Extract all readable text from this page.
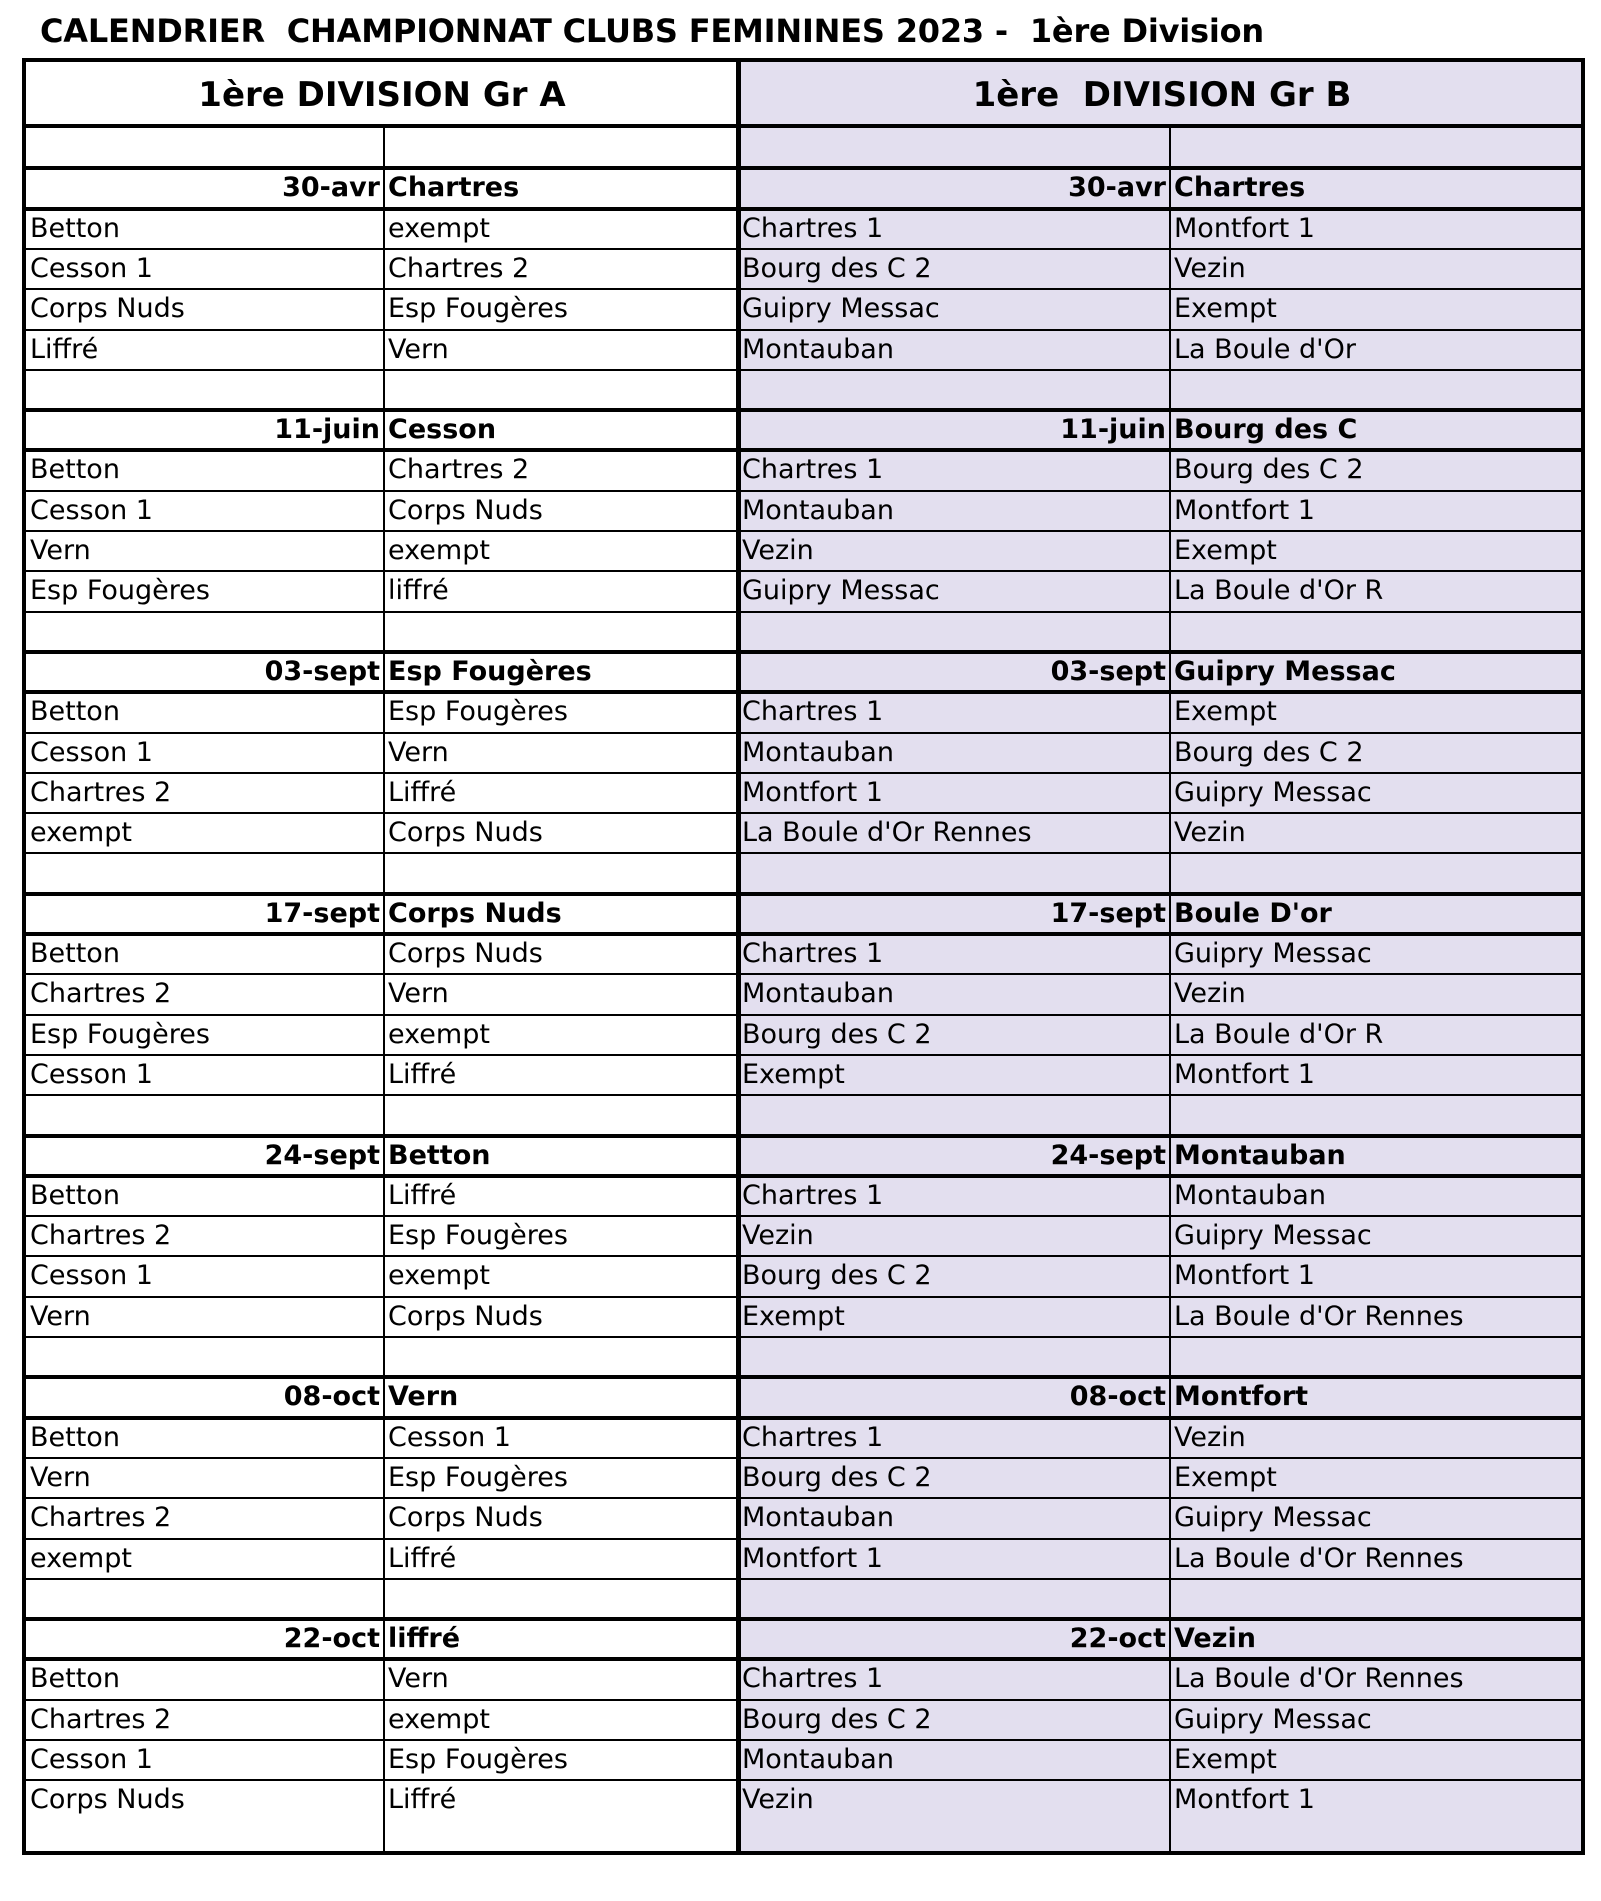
CALENDRIER  CHAMPIONNAT CLUBS FEMININES 2023 -  1ère Division
1ère DIVISION Gr A	1ère  DIVISION Gr B
30-avr Chartres
Betton	exempt
Cesson 1	Chartres 2
Corps Nuds	Esp Fougères
Liffré	Vern
11-juin Cesson
Betton	Chartres 2
Cesson 1	Corps Nuds
Vern	exempt
Esp Fougères	liffré
03-sept Esp Fougères
Betton	Esp Fougères
Cesson 1	Vern
Chartres 2	Liffré
exempt	Corps Nuds
17-sept Corps Nuds
Betton	Corps Nuds
Chartres 2	Vern
Esp Fougères	exempt
Cesson 1	Liffré
24-sept Betton
Betton	Liffré
Chartres 2	Esp Fougères
Cesson 1	exempt
Vern	Corps Nuds
08-oct Vern
Betton	Cesson 1
Vern	Esp Fougères
Chartres 2	Corps Nuds
exempt	Liffré
22-oct liffré
Betton	Vern
Chartres 2	exempt
Cesson 1	Esp Fougères
Corps Nuds	Liffré
30-avr Chartres
Chartres 1	Montfort 1
Bourg des C 2	Vezin
Guipry Messac	Exempt
Montauban	La Boule d'Or
11-juin Bourg des C
Chartres 1	Bourg des C 2
Montauban	Montfort 1
Vezin	Exempt
Guipry Messac	La Boule d'Or R
03-sept Guipry Messac
Chartres 1	Exempt
Montauban	Bourg des C 2
Montfort 1	Guipry Messac
La Boule d'Or Rennes	Vezin
17-sept Boule D'or
Chartres 1	Guipry Messac
Montauban	Vezin
Bourg des C 2	La Boule d'Or R
Exempt	Montfort 1
24-sept Montauban
Chartres 1	Montauban
Vezin	Guipry Messac
Bourg des C 2	Montfort 1
Exempt	La Boule d'Or Rennes
08-oct Montfort
Chartres 1	Vezin
Bourg des C 2	Exempt
Montauban	Guipry Messac
Montfort 1	La Boule d'Or Rennes
22-oct Vezin
Chartres 1	La Boule d'Or Rennes
Bourg des C 2	Guipry Messac
Montauban	Exempt
Vezin	Montfort 1
